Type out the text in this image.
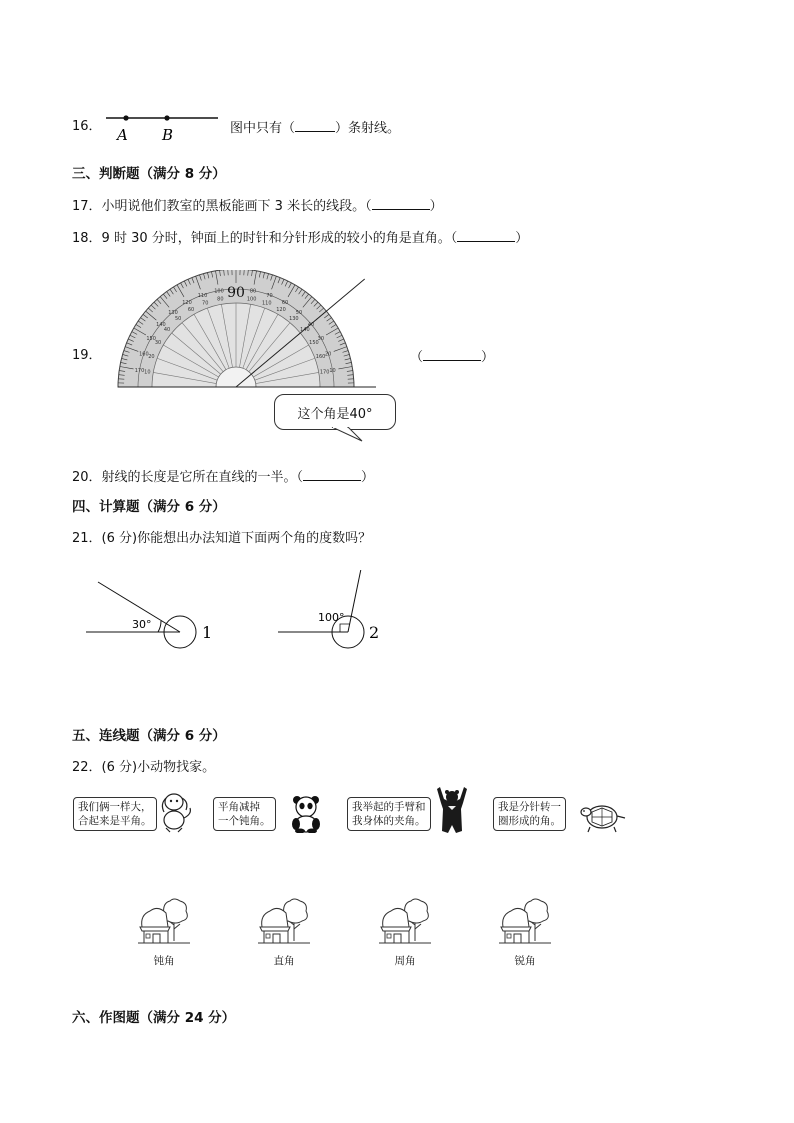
16． A B	图中只有（	）条射线。
三、判断题（满分 8 分）
17．小明说他们教室的黑板能画下 3 米长的线段。（	）
18．9 时 30 分时，钟面上的时针和分针形成的较小的角是直角。（	）
19．
10
170
20
160
30
150
40
140
50
130
60
120
70
110
80
100
100
80
110
70
120
60
130
50
140
40
150
30
160 20
170 10
90
这个角是40°
（	）
20．射线的长度是它所在直线的一半。（	）
四、计算题（满分 6 分）
21．(6 分)你能想出办法知道下面两个角的度数吗？
30°	1
100°
2
五、连线题（满分 6 分）
22．(6 分)小动物找家。
我们俩一样大，
合起来是平角。
平角减掉
一个钝角。
我举起的手臂和
我身体的夹角。
我是分针转一
圈形成的角。
钝角	直角	周角	锐角
六、作图题（满分 24 分）
